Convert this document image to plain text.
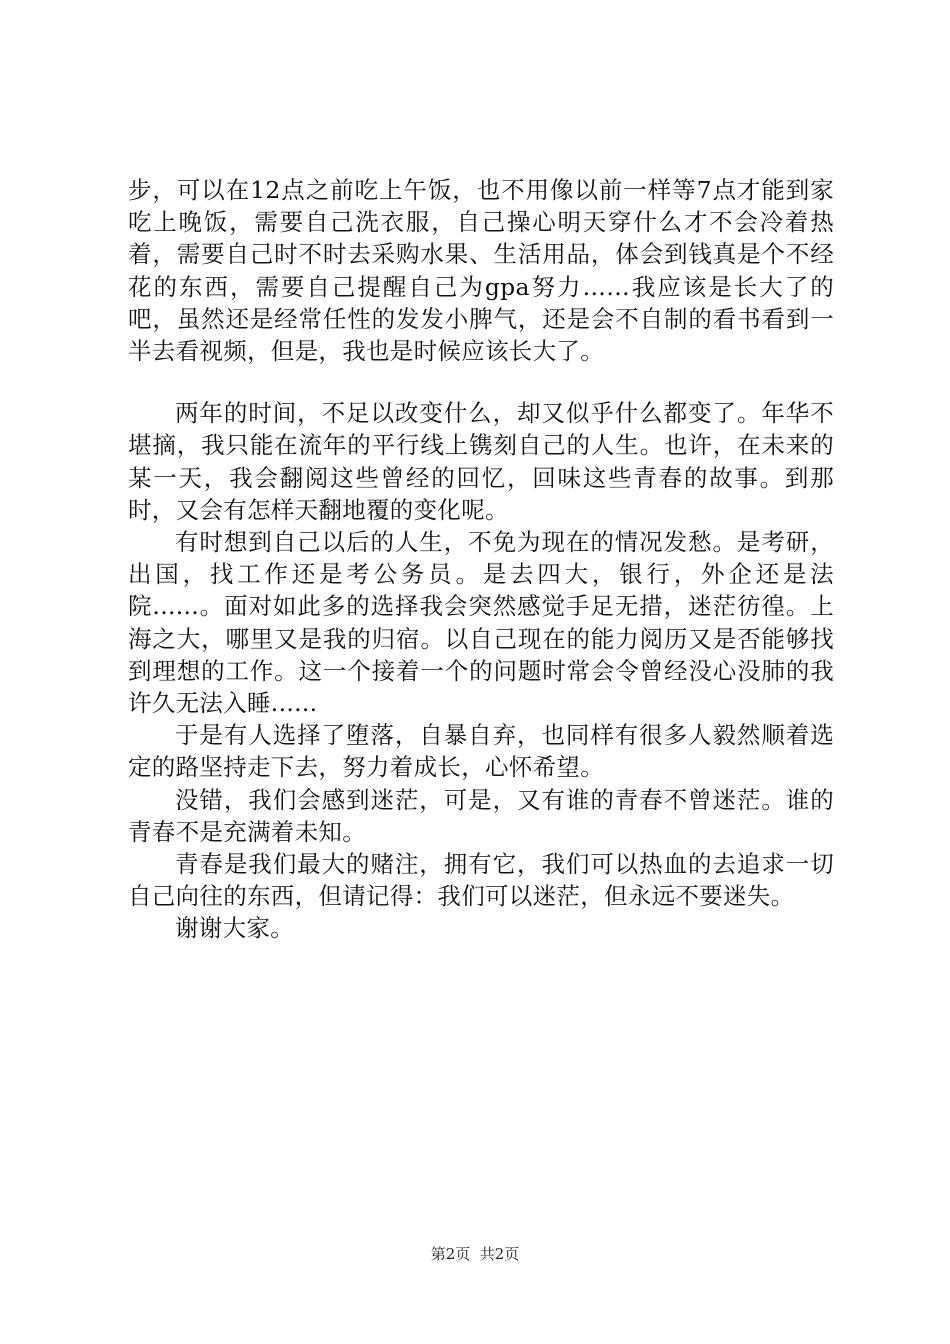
步，可以在12点之前吃上午饭，也不用像以前一样等7点才能到家吃上晚饭，需要自己洗衣服，自己操心明天穿什么才不会冷着热着，需要自己时不时去采购水果、生活用品，体会到钱真是个不经花的东西，需要自己提醒自己为gpa努力……我应该是长大了的吧，虽然还是经常任性的发发小脾气，还是会不自制的看书看到一半去看视频，但是，我也是时候应该长大了。

两年的时间，不足以改变什么，却又似乎什么都变了。年华不堪摘，我只能在流年的平行线上镌刻自己的人生。也许，在未来的某一天，我会翻阅这些曾经的回忆，回味这些青春的故事。到那时，又会有怎样天翻地覆的变化呢。

有时想到自己以后的人生，不免为现在的情况发愁。是考研，出国，找工作还是考公务员。是去四大，银行，外企还是法院......。面对如此多的选择我会突然感觉手足无措，迷茫彷徨。上海之大，哪里又是我的归宿。以自己现在的能力阅历又是否能够找到理想的工作。这一个接着一个的问题时常会令曾经没心没肺的我许久无法入睡......

于是有人选择了堕落，自暴自弃，也同样有很多人毅然顺着选定的路坚持走下去，努力着成长，心怀希望。

没错，我们会感到迷茫，可是，又有谁的青春不曾迷茫。谁的青春不是充满着未知。

青春是我们最大的赌注，拥有它，我们可以热血的去追求一切自己向往的东西，但请记得：我们可以迷茫，但永远不要迷失。

谢谢大家。

第2页  共2页
